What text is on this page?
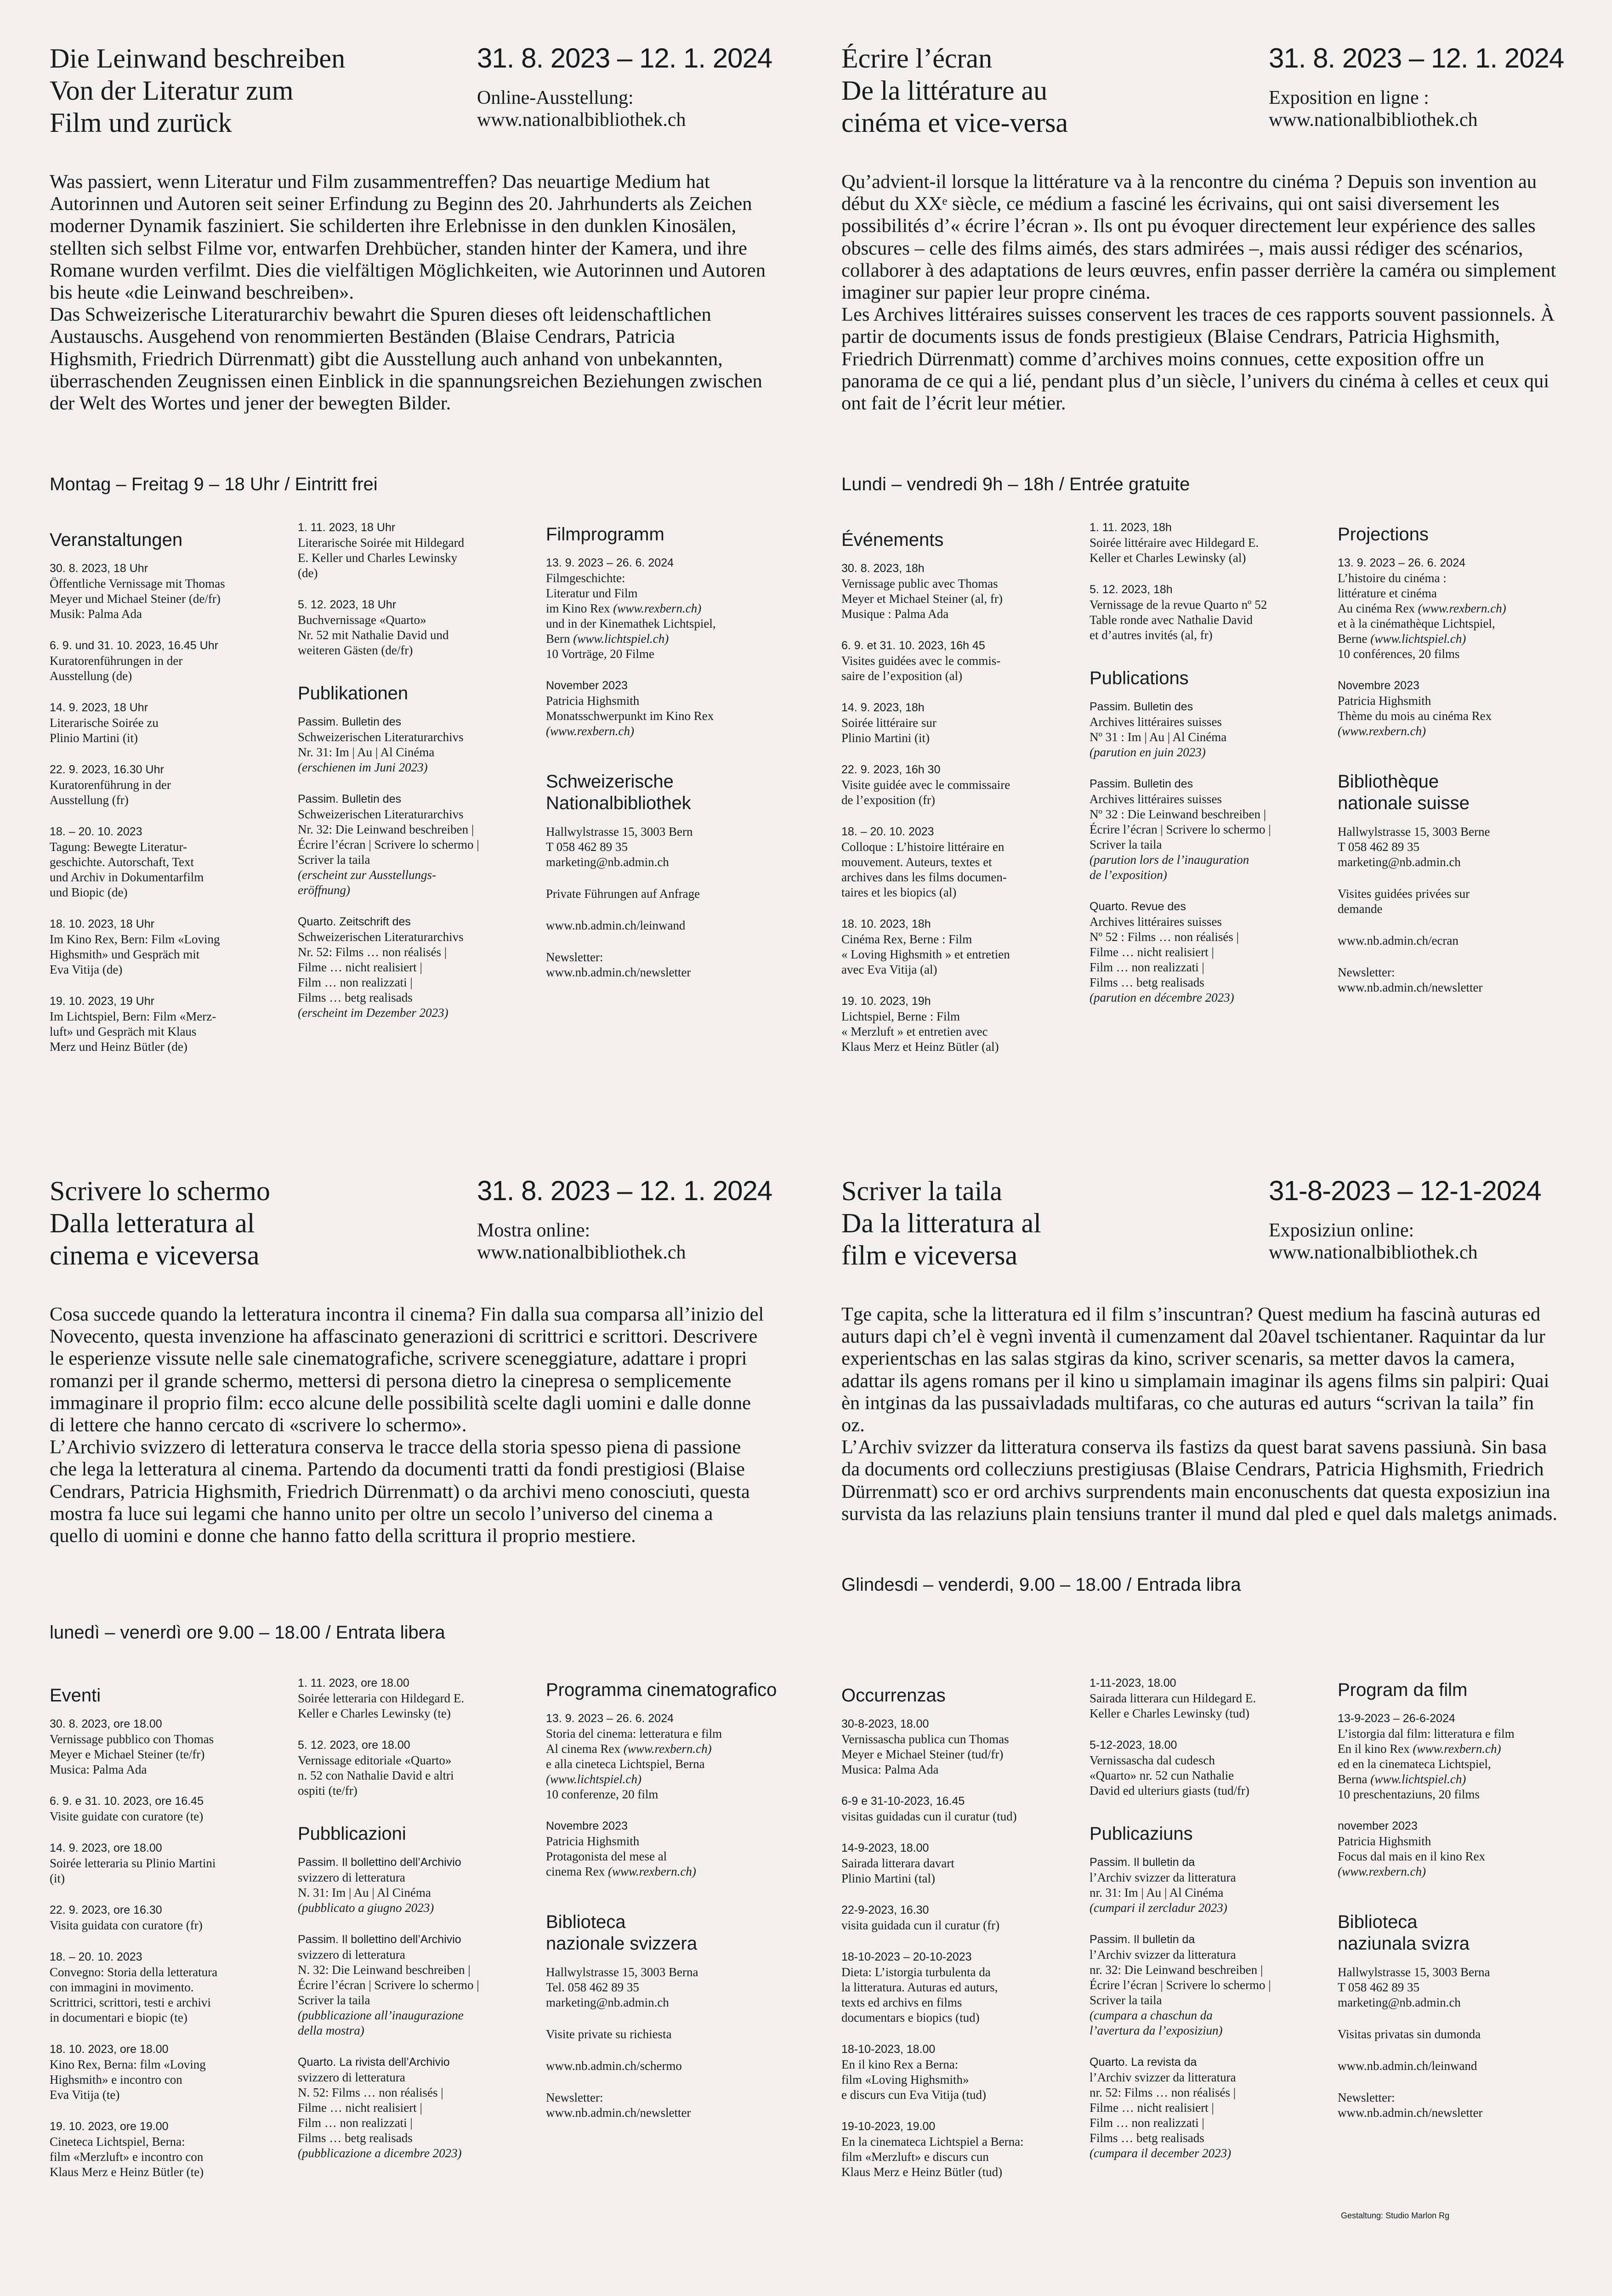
Die Leinwand beschreiben
Von der Literatur zum
Film und zurück
31. 8. 2023 – 12. 1. 2024
Online-Ausstellung:
www.nationalbibliothek.ch

Was passiert, wenn Literatur und Film zusammentreffen? Das neuartige Medium hat Autorinnen und Autoren seit seiner Erfindung zu Beginn des 20. Jahrhunderts als Zeichen moderner Dynamik fasziniert. Sie schilderten ihre Erlebnisse in den dunklen Kinosälen, stellten sich selbst Filme vor, entwarfen Drehbücher, standen hinter der Kamera, und ihre Romane wurden verfilmt. Dies die vielfältigen Möglichkeiten, wie Autorinnen und Autoren bis heute «die Leinwand beschreiben».

Das Schweizerische Literaturarchiv bewahrt die Spuren dieses oft leidenschaftlichen Austauschs. Ausgehend von renommierten Beständen (Blaise Cendrars, Patricia Highsmith, Friedrich Dürrenmatt) gibt die Ausstellung auch anhand von unbekannten, überraschenden Zeugnissen einen Einblick in die spannungsreichen Beziehungen zwischen der Welt des Wortes und jener der bewegten Bilder.

Montag – Freitag 9 – 18 Uhr / Eintritt frei
Veranstaltungen
30. 8. 2023, 18 Uhr
Öffentliche Vernissage mit Thomas
Meyer und Michael Steiner (de/fr)
Musik: Palma Ada
6. 9. und 31. 10. 2023, 16.45 Uhr
Kuratorenführungen in der
Ausstellung (de)
14. 9. 2023, 18 Uhr
Literarische Soirée zu
Plinio Martini (it)
22. 9. 2023, 16.30 Uhr
Kuratorenführung in der
Ausstellung (fr)
18. – 20. 10. 2023
Tagung: Bewegte Literatur-
geschichte. Autorschaft, Text
und Archiv in Dokumentarfilm
und Biopic (de)
18. 10. 2023, 18 Uhr
Im Kino Rex, Bern: Film «Loving
Highsmith» und Gespräch mit
Eva Vitija (de)
19. 10. 2023, 19 Uhr
Im Lichtspiel, Bern: Film «Merz-
luft» und Gespräch mit Klaus
Merz und Heinz Bütler (de)
1. 11. 2023, 18 Uhr
Literarische Soirée mit Hildegard
E. Keller und Charles Lewinsky
(de)
5. 12. 2023, 18 Uhr
Buchvernissage «Quarto»
Nr. 52 mit Nathalie David und
weiteren Gästen (de/fr)
Publikationen
Passim. Bulletin des
Schweizerischen Literaturarchivs
Nr. 31: Im | Au | Al Cinéma
(erschienen im Juni 2023)
Passim. Bulletin des
Schweizerischen Literaturarchivs
Nr. 32: Die Leinwand beschreiben |
Écrire l’écran | Scrivere lo schermo |
Scriver la taila
(erscheint zur Ausstellungs-
eröffnung)
Quarto. Zeitschrift des
Schweizerischen Literaturarchivs
Nr. 52: Films … non réalisés |
Filme … nicht realisiert |
Film … non realizzati |
Films … betg realisads
(erscheint im Dezember 2023)
Filmprogramm
13. 9. 2023 – 26. 6. 2024
Filmgeschichte:
Literatur und Film
im Kino Rex (www.rexbern.ch)
und in der Kinemathek Lichtspiel,
Bern (www.lichtspiel.ch)
10 Vorträge, 20 Filme
November 2023
Patricia Highsmith
Monatsschwerpunkt im Kino Rex
(www.rexbern.ch)
Schweizerische
Nationalbibliothek
Hallwylstrasse 15, 3003 Bern
T 058 462 89 35
marketing@nb.admin.ch
Private Führungen auf Anfrage
www.nb.admin.ch/leinwand
Newsletter:
www.nb.admin.ch/newsletter
Écrire l’écran
De la littérature au
cinéma et vice-versa
31. 8. 2023 – 12. 1. 2024
Exposition en ligne :
www.nationalbibliothek.ch

Qu’advient-il lorsque la littérature va à la rencontre du cinéma ? Depuis son invention au début du XXᵉ siècle, ce médium a fasciné les écrivains, qui ont saisi diversement les possibilités d’« écrire l’écran ». Ils ont pu évoquer directement leur expérience des salles obscures – celle des films aimés, des stars admirées –, mais aussi rédiger des scénarios, collaborer à des adaptations de leurs œuvres, enfin passer derrière la caméra ou simplement imaginer sur papier leur propre cinéma.

Les Archives littéraires suisses conservent les traces de ces rapports souvent passionnels. À partir de documents issus de fonds prestigieux (Blaise Cendrars, Patricia Highsmith, Friedrich Dürrenmatt) comme d’archives moins connues, cette exposition offre un panorama de ce qui a lié, pendant plus d’un siècle, l’univers du cinéma à celles et ceux qui ont fait de l’écrit leur métier.

Lundi – vendredi 9h – 18h / Entrée gratuite
Événements
30. 8. 2023, 18h
Vernissage public avec Thomas
Meyer et Michael Steiner (al, fr)
Musique : Palma Ada
6. 9. et 31. 10. 2023, 16h 45
Visites guidées avec le commis-
saire de l’exposition (al)
14. 9. 2023, 18h
Soirée littéraire sur
Plinio Martini (it)
22. 9. 2023, 16h 30
Visite guidée avec le commissaire
de l’exposition (fr)
18. – 20. 10. 2023
Colloque : L’histoire littéraire en
mouvement. Auteurs, textes et
archives dans les films documen-
taires et les biopics (al)
18. 10. 2023, 18h
Cinéma Rex, Berne : Film
« Loving Highsmith » et entretien
avec Eva Vitija (al)
19. 10. 2023, 19h
Lichtspiel, Berne : Film
« Merzluft » et entretien avec
Klaus Merz et Heinz Bütler (al)
1. 11. 2023, 18h
Soirée littéraire avec Hildegard E.
Keller et Charles Lewinsky (al)
5. 12. 2023, 18h
Vernissage de la revue Quarto nº 52
Table ronde avec Nathalie David
et d’autres invités (al, fr)
Publications
Passim. Bulletin des
Archives littéraires suisses
Nº 31 : Im | Au | Al Cinéma
(parution en juin 2023)
Passim. Bulletin des
Archives littéraires suisses
Nº 32 : Die Leinwand beschreiben |
Écrire l’écran | Scrivere lo schermo |
Scriver la taila
(parution lors de l’inauguration
de l’exposition)
Quarto. Revue des
Archives littéraires suisses
Nº 52 : Films … non réalisés |
Filme … nicht realisiert |
Film … non realizzati |
Films … betg realisads
(parution en décembre 2023)
Projections
13. 9. 2023 – 26. 6. 2024
L’histoire du cinéma :
littérature et cinéma
Au cinéma Rex (www.rexbern.ch)
et à la cinémathèque Lichtspiel,
Berne (www.lichtspiel.ch)
10 conférences, 20 films
Novembre 2023
Patricia Highsmith
Thème du mois au cinéma Rex
(www.rexbern.ch)
Bibliothèque
nationale suisse
Hallwylstrasse 15, 3003 Berne
T 058 462 89 35
marketing@nb.admin.ch
Visites guidées privées sur
demande
www.nb.admin.ch/ecran
Newsletter:
www.nb.admin.ch/newsletter
Scrivere lo schermo
Dalla letteratura al
cinema e viceversa
31. 8. 2023 – 12. 1. 2024
Mostra online:
www.nationalbibliothek.ch

Cosa succede quando la letteratura incontra il cinema? Fin dalla sua comparsa all’inizio del Novecento, questa invenzione ha affascinato generazioni di scrittrici e scrittori. Descrivere le esperienze vissute nelle sale cinematografiche, scrivere sceneggiature, adattare i propri romanzi per il grande schermo, mettersi di persona dietro la cinepresa o semplicemente immaginare il proprio film: ecco alcune delle possibilità scelte dagli uomini e dalle donne di lettere che hanno cercato di «scrivere lo schermo».

L’Archivio svizzero di letteratura conserva le tracce della storia spesso piena di passione che lega la letteratura al cinema. Partendo da documenti tratti da fondi prestigiosi (Blaise Cendrars, Patricia Highsmith, Friedrich Dürrenmatt) o da archivi meno conosciuti, questa mostra fa luce sui legami che hanno unito per oltre un secolo l’universo del cinema a quello di uomini e donne che hanno fatto della scrittura il proprio mestiere.

lunedì – venerdì ore 9.00 – 18.00 / Entrata libera
Eventi
30. 8. 2023, ore 18.00
Vernissage pubblico con Thomas
Meyer e Michael Steiner (te/fr)
Musica: Palma Ada
6. 9. e 31. 10. 2023, ore 16.45
Visite guidate con curatore (te)
14. 9. 2023, ore 18.00
Soirée letteraria su Plinio Martini
(it)
22. 9. 2023, ore 16.30
Visita guidata con curatore (fr)
18. – 20. 10. 2023
Convegno: Storia della letteratura
con immagini in movimento.
Scrittrici, scrittori, testi e archivi
in documentari e biopic (te)
18. 10. 2023, ore 18.00
Kino Rex, Berna: film «Loving
Highsmith» e incontro con
Eva Vitija (te)
19. 10. 2023, ore 19.00
Cineteca Lichtspiel, Berna:
film «Merzluft» e incontro con
Klaus Merz e Heinz Bütler (te)
1. 11. 2023, ore 18.00
Soirée letteraria con Hildegard E.
Keller e Charles Lewinsky (te)
5. 12. 2023, ore 18.00
Vernissage editoriale «Quarto»
n. 52 con Nathalie David e altri
ospiti (te/fr)
Pubblicazioni
Passim. Il bollettino dell’Archivio
svizzero di letteratura
N. 31: Im | Au | Al Cinéma
(pubblicato a giugno 2023)
Passim. Il bollettino dell’Archivio
svizzero di letteratura
N. 32: Die Leinwand beschreiben |
Écrire l’écran | Scrivere lo schermo |
Scriver la taila
(pubblicazione all’inaugurazione
della mostra)
Quarto. La rivista dell’Archivio
svizzero di letteratura
N. 52: Films … non réalisés |
Filme … nicht realisiert |
Film … non realizzati |
Films … betg realisads
(pubblicazione a dicembre 2023)
Programma cinematografico
13. 9. 2023 – 26. 6. 2024
Storia del cinema: letteratura e film
Al cinema Rex (www.rexbern.ch)
e alla cineteca Lichtspiel, Berna
(www.lichtspiel.ch)
10 conferenze, 20 film
Novembre 2023
Patricia Highsmith
Protagonista del mese al
cinema Rex (www.rexbern.ch)
Biblioteca
nazionale svizzera
Hallwylstrasse 15, 3003 Berna
Tel. 058 462 89 35
marketing@nb.admin.ch
Visite private su richiesta
www.nb.admin.ch/schermo
Newsletter:
www.nb.admin.ch/newsletter
Scriver la taila
Da la litteratura al
film e viceversa
31-8-2023 – 12-1-2024
Exposiziun online:
www.nationalbibliothek.ch

Tge capita, sche la litteratura ed il film s’inscuntran? Quest medium ha fascinà auturas ed auturs dapi ch’el è vegnì inventà il cumenzament dal 20avel tschientaner. Raquintar da lur experientschas en las salas stgiras da kino, scriver scenaris, sa metter davos la camera, adattar ils agens romans per il kino u simplamain imaginar ils agens films sin palpiri: Quai èn intginas da las pussaivladads multifaras, co che auturas ed auturs “scrivan la taila” fin oz.

L’Archiv svizzer da litteratura conserva ils fastizs da quest barat savens passiunà. Sin basa da documents ord collecziuns prestigiusas (Blaise Cendrars, Patricia Highsmith, Friedrich Dürrenmatt) sco er ord archivs surprendents main enconuschents dat questa exposiziun ina survista da las relaziuns plain tensiuns tranter il mund dal pled e quel dals maletgs animads.

Glindesdi – venderdi, 9.00 – 18.00 / Entrada libra
Occurrenzas
30-8-2023, 18.00
Vernissascha publica cun Thomas
Meyer e Michael Steiner (tud/fr)
Musica: Palma Ada
6-9 e 31-10-2023, 16.45
visitas guidadas cun il curatur (tud)
14-9-2023, 18.00
Sairada litterara davart
Plinio Martini (tal)
22-9-2023, 16.30
visita guidada cun il curatur (fr)
18-10-2023 – 20-10-2023
Dieta: L’istorgia turbulenta da
la litteratura. Auturas ed auturs,
texts ed archivs en films
documentars e biopics (tud)
18-10-2023, 18.00
En il kino Rex a Berna:
film «Loving Highsmith»
e discurs cun Eva Vitija (tud)
19-10-2023, 19.00
En la cinemateca Lichtspiel a Berna:
film «Merzluft» e discurs cun
Klaus Merz e Heinz Bütler (tud)
1-11-2023, 18.00
Sairada litterara cun Hildegard E.
Keller e Charles Lewinsky (tud)
5-12-2023, 18.00
Vernissascha dal cudesch
«Quarto» nr. 52 cun Nathalie
David ed ulteriurs giasts (tud/fr)
Publicaziuns
Passim. Il bulletin da
l’Archiv svizzer da litteratura
nr. 31: Im | Au | Al Cinéma
(cumpari il zercladur 2023)
Passim. Il bulletin da
l’Archiv svizzer da litteratura
nr. 32: Die Leinwand beschreiben |
Écrire l’écran | Scrivere lo schermo |
Scriver la taila
(cumpara a chaschun da
l’avertura da l’exposiziun)
Quarto. La revista da
l’Archiv svizzer da litteratura
nr. 52: Films … non réalisés |
Filme … nicht realisiert |
Film … non realizzati |
Films … betg realisads
(cumpara il december 2023)
Program da film
13-9-2023 – 26-6-2024
L’istorgia dal film: litteratura e film
En il kino Rex (www.rexbern.ch)
ed en la cinemateca Lichtspiel,
Berna (www.lichtspiel.ch)
10 preschentaziuns, 20 films
november 2023
Patricia Highsmith
Focus dal mais en il kino Rex
(www.rexbern.ch)
Biblioteca
naziunala svizra
Hallwylstrasse 15, 3003 Berna
T 058 462 89 35
marketing@nb.admin.ch
Visitas privatas sin dumonda
www.nb.admin.ch/leinwand
Newsletter:
www.nb.admin.ch/newsletter
Gestaltung: Studio Marlon Rg
